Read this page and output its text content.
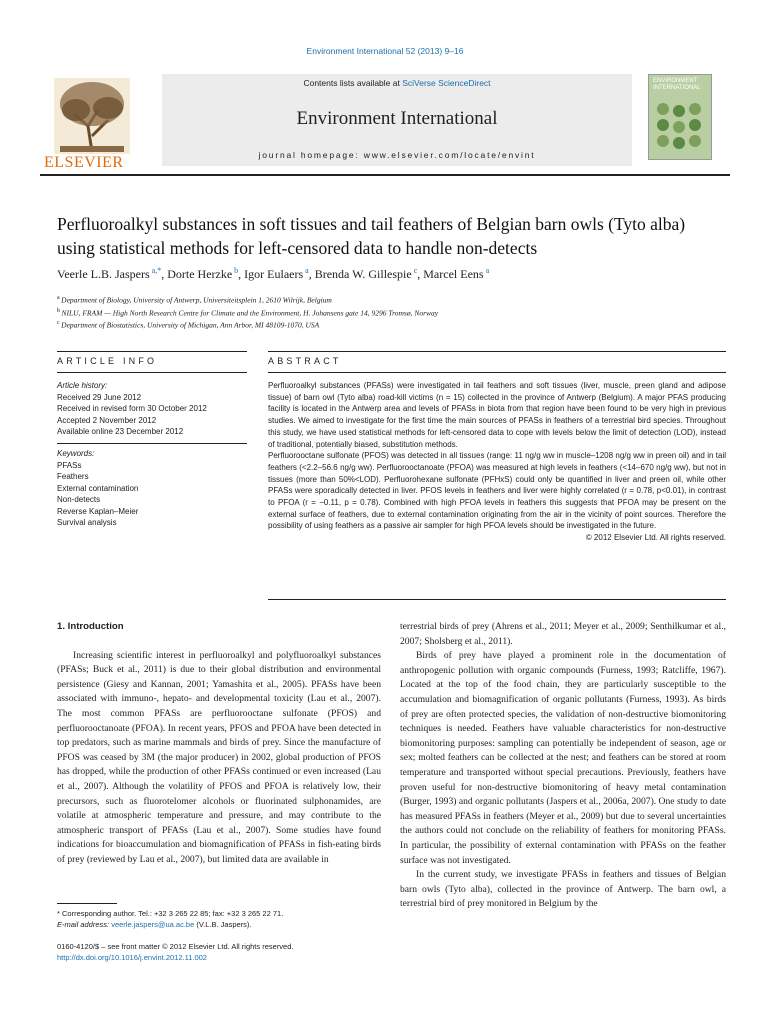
Environment International 52 (2013) 9–16
ELSEVIER
Contents lists available at SciVerse ScienceDirect
Environment International
journal homepage: www.elsevier.com/locate/envint
ENVIRONMENT INTERNATIONAL
Perfluoroalkyl substances in soft tissues and tail feathers of Belgian barn owls (Tyto alba) using statistical methods for left-censored data to handle non-detects
Veerle L.B. Jaspers $^{a,*}$, Dorte Herzke $^b$, Igor Eulaers $^a$, Brenda W. Gillespie $^c$, Marcel Eens $^a$
$^a$ Department of Biology, University of Antwerp, Universiteitsplein 1, 2610 Wilrijk, Belgium
$^b$ NILU, FRAM — High North Research Centre for Climate and the Environment, H. Johansens gate 14, 9296 Tromsø, Norway
$^c$ Department of Biostatistics, University of Michigan, Ann Arbor, MI 48109-1070, USA
ARTICLE INFO	ABSTRACT
Article history:
Received 29 June 2012
Received in revised form 30 October 2012
Accepted 2 November 2012
Available online 23 December 2012
Keywords:
PFASs
Feathers
External contamination
Non-detects
Reverse Kaplan–Meier
Survival analysis

Perfluoroalkyl substances (PFASs) were investigated in tail feathers and soft tissues (liver, muscle, preen gland and adipose tissue) of barn owl (Tyto alba) road-kill victims (n = 15) collected in the province of Antwerp (Belgium). A major PFAS producing facility is located in the Antwerp area and levels of PFASs in biota from that region have been found to be very high in previous studies. We aimed to investigate for the first time the main sources of PFASs in feathers of a terrestrial bird species. Throughout this study, we have used statistical methods for left-censored data to cope with levels below the limit of detection (LOD), instead of traditional, potentially biased, substitution methods.

Perfluorooctane sulfonate (PFOS) was detected in all tissues (range: 11 ng/g ww in muscle–1208 ng/g ww in preen oil) and in tail feathers (<2.2–56.6 ng/g ww). Perfluorooctanoate (PFOA) was measured at high levels in feathers (<14–670 ng/g ww), but not in tissues (more than 50%<LOD). Perfluorohexane sulfonate (PFHxS) could only be quantified in liver and preen oil, while other PFASs were sporadically detected in liver. PFOS levels in feathers and liver were highly correlated (r = 0.78, p<0.01), in contrast to PFOA (r = −0.11, p = 0.78). Combined with high PFOA levels in feathers this suggests that PFOA may be present on the external surface of feathers, due to external contamination originating from the air in the vicinity of point sources. Therefore the possibility of using feathers as a passive air sampler for high PFOA levels should be investigated in the future.

© 2012 Elsevier Ltd. All rights reserved.

1. Introduction

Increasing scientific interest in perfluoroalkyl and polyfluoroalkyl substances (PFASs; Buck et al., 2011) is due to their global distribution and environmental persistence (Giesy and Kannan, 2001; Yamashita et al., 2005). PFASs have been associated with immuno-, hepato- and developmental toxicity (Lau et al., 2007). The most common PFASs are perfluorooctane sulfonate (PFOS) and perfluorooctanoate (PFOA). In recent years, PFOS and PFOA have been detected in top predators, such as marine mammals and birds of prey. Since the manufacture of PFOS was ceased by 3M (the major producer) in 2002, global production of PFOS has dropped, while the production of other PFASs continued or even increased (Lau et al., 2007). Although the volatility of PFOS and PFOA is relatively low, their precursors, such as fluorotelomer alcohols or fluorinated sulphonamides, are volatile at atmospheric temperature and pressure, and may contribute to the atmospheric transport of PFASs (Lau et al., 2007). Some studies have found indications for bioaccumulation and biomagnification of PFASs in fish-eating birds of prey (reviewed by Lau et al., 2007), but limited data are available in

terrestrial birds of prey (Ahrens et al., 2011; Meyer et al., 2009; Senthilkumar et al., 2007; Sholsberg et al., 2011).

Birds of prey have played a prominent role in the documentation of anthropogenic pollution with organic compounds (Furness, 1993; Ratcliffe, 1967). Located at the top of the food chain, they are particularly susceptible to the accumulation and biomagnification of organic pollutants (Furness, 1993). As birds of prey are often protected species, the validation of non-destructive biomonitoring techniques is needed. Feathers have valuable characteristics for non-destructive biomonitoring purposes: sampling can potentially be independent of season, age or sex; molted feathers can be collected at the nest; and feathers can be stored at room temperature and transported without special precautions. Previously, feathers have proven useful for non-destructive biomonitoring of heavy metal contamination (Burger, 1993) and organic pollutants (Jaspers et al., 2006a, 2007). One study to date has measured PFASs in feathers (Meyer et al., 2009) but due to several uncertainties the authors could not conclude on the reliability of feathers for monitoring PFASs. In particular, the possibility of external contamination with PFASs on the feather surface was not investigated.

In the current study, we investigate PFASs in feathers and tissues of Belgian barn owls (Tyto alba), collected in the province of Antwerp. The barn owl, a terrestrial bird of prey monitored in Belgium by the

* Corresponding author. Tel.: +32 3 265 22 85; fax: +32 3 265 22 71.
E-mail address: veerle.jaspers@ua.ac.be (V.L.B. Jaspers).
0160-4120/$ – see front matter © 2012 Elsevier Ltd. All rights reserved.
http://dx.doi.org/10.1016/j.envint.2012.11.002
